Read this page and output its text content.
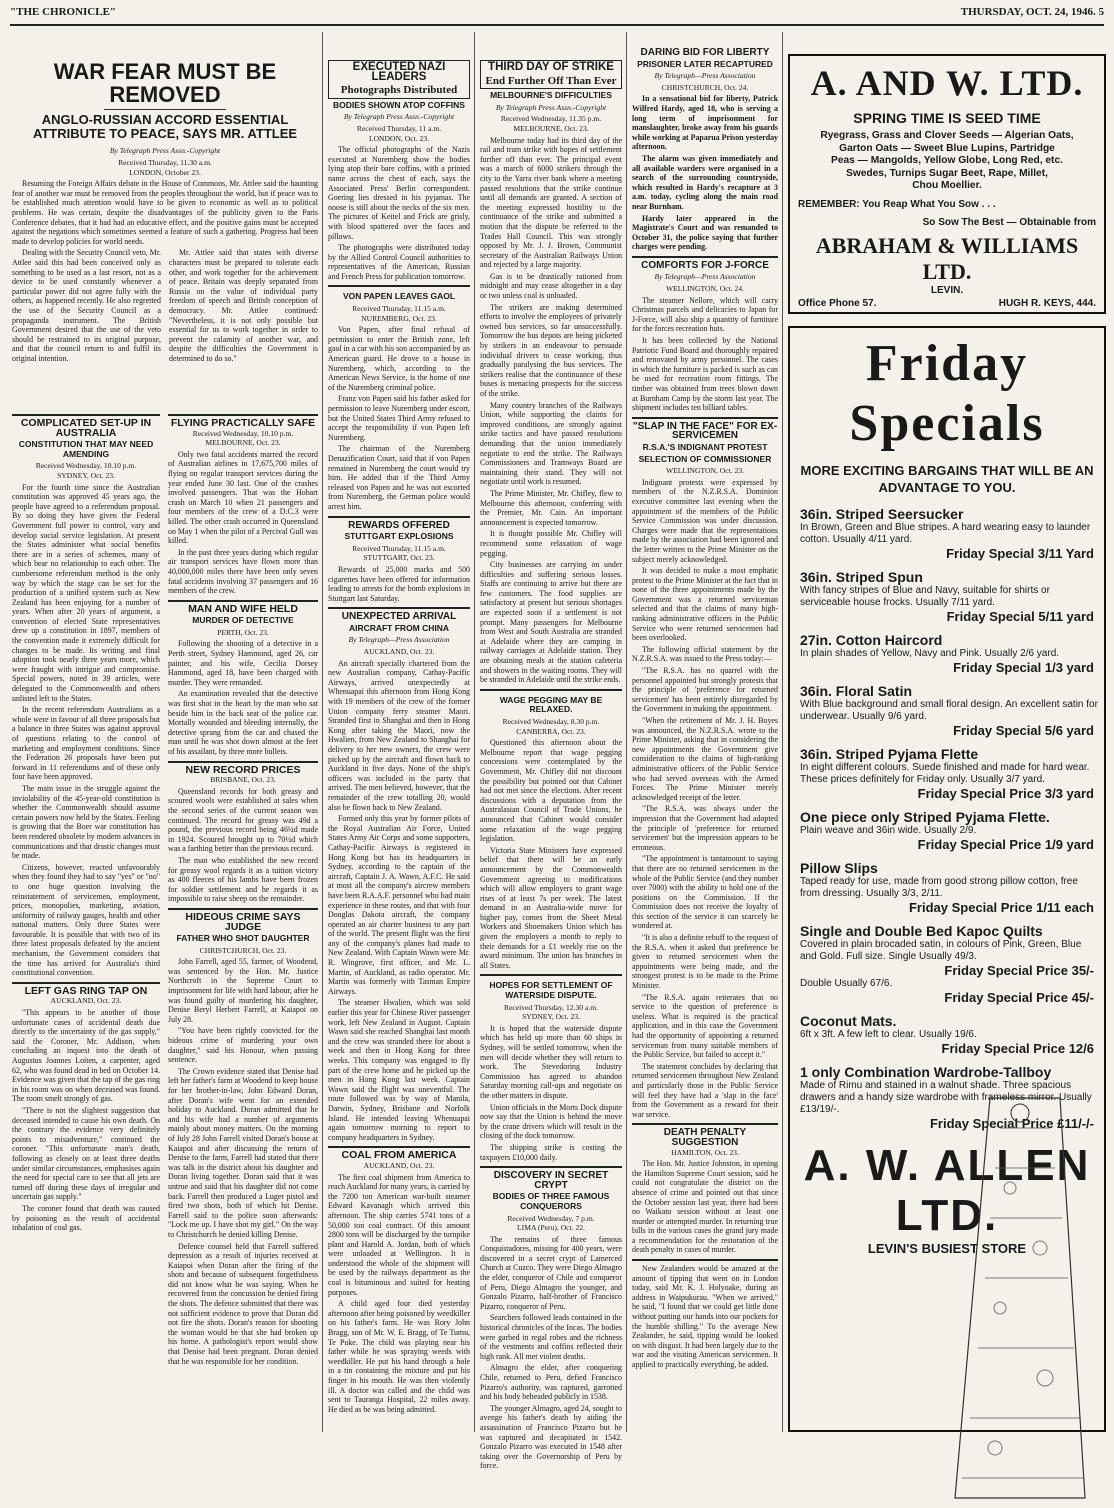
"THE CHRONICLE"	THURSDAY, OCT. 24, 1946. 5
WAR FEAR MUST BE REMOVED
ANGLO-RUSSIAN ACCORD ESSENTIAL ATTRIBUTE TO PEACE, SAYS MR. ATTLEE
By Telegraph Press Assn.-Copyright
Received Thursday, 11.30 a.m.
LONDON, October 23.

Resuming the Foreign Affairs debate in the House of Commons, Mr. Attlee said the haunting fear of another war must be removed from the peoples throughout the world, but if peace was to be established much attention would have to be given to economic as well as to political problems. He was certain, despite the disadvantages of the publicity given to the Paris Conference debates, that it had had an educative effect, and the positive gains must be accepted against the negations which sometimes seemed a feature of such a gathering. Progress had been made to develop policies for world needs.

Dealing with the Security Council veto, Mr. Attlee said this had been conceived only as something to be used as a last resort, not as a device to be used constantly whenever a particular power did not agree fully with the others, as happened recently. He also regretted the use of the Security Council as a propaganda instrument. The British Government desired that the use of the veto should be restrained to its original purpose, and that the council return to and fulfil its original intention.

Mr. Attlee said that states with diverse characters must be prepared to tolerate each other, and work together for the achievement of peace. Britain was deeply separated from Russia on the value of individual party freedom of speech and British conception of democracy. Mr. Attlee continued: "Nevertheless, it is not only possible but essential for us to work together in order to prevent the calamity of another war, and despite the difficulties the Government is determined to do so."

COMPLICATED SET-UP IN AUSTRALIA
CONSTITUTION THAT MAY NEED AMENDING
Received Wednesday, 10.10 p.m.
SYDNEY, Oct. 23.

For the fourth time since the Australian constitution was approved 45 years ago, the people have agreed to a referendum proposal. By so doing they have given the Federal Government full power to control, vary and develop social service legislation. At present the States administer what social benefits there are in a series of schemes, many of which bear no relationship to each other. The cumbersome referendum method is the only way by which the stage can be set for the production of a unified system such as New Zealand has been enjoying for a number of years. When after 20 years of argument, a convention of elected State representatives drew up a constitution in 1897, members of the convention made it extremely difficult for changes to be made. Its writing and final adoption took nearly three years more, which were fraught with intrigue and compromise. Special powers, noted in 39 articles, were delegated to the Commonwealth and others unlisted left to the States.

In the recent referendum Australians as a whole were in favour of all three proposals but a balance in three States was against approval of questions relating to the control of marketing and employment conditions. Since the Federation 26 proposals have been put forward in 11 referendums and of these only four have been approved.

The main issue in the struggle against the inviolability of the 45-year-old constitution is whether the Commonwealth should assume certain powers now held by the States. Feeling is growing that the Boer war constitution has been rendered obsolete by modern advances in communications and that drastic changes must be made.

Citizens, however, reacted unfavourably when they found they had to say "yes" or "no" to one huge question involving the reinstatement of servicemen, employment, prices, monopolies, marketing, aviation, uniformity of railway gauges, health and other national matters. Only three States were favourable. It is possible that with two of its three latest proposals defeated by the ancient mechanism, the Government considers that the time has arrived for Australia's third constitutional convention.

LEFT GAS RING TAP ON
AUCKLAND, Oct. 23.

"This appears to be another of those unfortunate cases of accidental death due directly to the uncertainty of the gas supply," said the Coroner, Mr. Addison, when concluding an inquest into the death of Augustus Joannes Loiten, a carpenter, aged 62, who was found dead in bed on October 14. Evidence was given that the tap of the gas ring in his room was on when deceased was found. The room smelt strongly of gas.

"There is not the slightest suggestion that deceased intended to cause his own death. On the contrary the evidence very definitely points to misadventure," continued the coroner. "This unfortunate man's death, following as closely on at least three deaths under similar circumstances, emphasises again the need for special care to see that all jets are turned off during these days of irregular and uncertain gas supply."

The coroner found that death was caused by poisoning as the result of accidental inhalation of coal gas.

FLYING PRACTICALLY SAFE
Received Wednesday, 10.10 p.m.
MELBOURNE, Oct. 23.

Only two fatal accidents marred the record of Australian airlines in 17,675,700 miles of flying on regular transport services during the year ended June 30 last. One of the crashes involved passengers. That was the Hobart crash on March 10 when 21 passengers and four members of the crew of a D.C.3 were killed. The other crash occurred in Queensland on May 1 when the pilot of a Percival Gull was killed.

In the past three years during which regular air transport services have flown more than 40,000,000 miles there have been only seven fatal accidents involving 37 passengers and 16 members of the crew.

MAN AND WIFE HELD
MURDER OF DETECTIVE
PERTH, Oct. 23.

Following the shooting of a detective in a Perth street, Sydney Hammond, aged 26, car painter, and his wife, Cecilia Dorsey Hammond, aged 18, have been charged with murder. They were remanded.

An examination revealed that the detective was first shot in the heart by the man who sat beside him in the back seat of the police car. Mortally wounded and bleeding internally, the detective sprang from the car and chased the man until he was shot down almost at the feet of his assailant, by three more bullets.

NEW RECORD PRICES
BRISBANE, Oct. 23.

Queensland records for both greasy and scoured wools were established at sales when the second series of the current season was continued. The record for greasy was 49d a pound, the previous record being 46¼d made in 1924. Scoured brought up to 70½d which was a farthing better than the previous record.

The man who established the new record for greasy wool regards it as a tuition victory as 400 fleeces of his lambs have been frozen for soldier settlement and he regards it as impossible to raise sheep on the remainder.

HIDEOUS CRIME SAYS JUDGE
FATHER WHO SHOT DAUGHTER
CHRISTCHURCH, Oct. 23.

John Farrell, aged 55, farmer, of Woodend, was sentenced by the Hon. Mr. Justice Northcroft in the Supreme Court to imprisonment for life with hard labour, after he was found guilty of murdering his daughter, Denise Beryl Herbert Farrell, at Kaiapoi on July 28.

"You have been rightly convicted for the hideous crime of murdering your own daughter," said his Honour, when passing sentence.

The Crown evidence stated that Denise had left her father's farm at Woodend to keep house for her brother-in-law, John Edward Doran, after Doran's wife went for an extended holiday to Auckland. Doran admitted that he and his wife had a number of arguments mainly about money matters. On the morning of July 28 John Farrell visited Doran's house at Kaiapoi and after discussing the return of Denise to the farm, Farrell had stated that there was talk in the district about his daughter and Doran living together. Doran said that it was untrue and said that his daughter did not come back. Farrell then produced a Luger pistol and fired two shots, both of which hit Denise. Farrell said to the police soon afterwards: "Lock me up. I have shot my girl." On the way to Christchurch he denied killing Denise.

Defence counsel held that Farrell suffered depression as a result of injuries received at Kaiapoi when Doran after the firing of the shots and because of subsequent forgetfulness did not know what he was saying. When he recovered from the concussion he denied firing the shots. The defence submitted that there was not sufficient evidence to prove that Doran did not fire the shots. Doran's reason for shooting the woman would be that she had broken up his home. A pathologist's report would show that Denise had been pregnant. Doran denied that he was responsible for her condition.

EXECUTED NAZI LEADERS
Photographs Distributed
BODIES SHOWN ATOP COFFINS
By Telegraph Press Assn.-Copyright
Received Thursday, 11 a.m.
LONDON, Oct. 23.

The official photographs of the Nazis executed at Nuremberg show the bodies lying atop their bare coffins, with a printed name across the chest of each, says the Associated Press' Berlin correspondent. Goering lies dressed in his pyjamas. The noose is still about the necks of the six men. The pictures of Keitel and Frick are grisly, with blood spattered over the faces and pillows.

The photographs were distributed today by the Allied Control Council authorities to representatives of the American, Russian and French Press for publication tomorrow.

VON PAPEN LEAVES GAOL
Received Thursday, 11.15 a.m.
NUREMBERG, Oct. 23.

Von Papen, after final refusal of permission to enter the British zone, left gaol in a car with his son accompanied by an American guard. He drove to a house in Nuremberg, which, according to the American News Service, is the home of one of the Nuremberg criminal police.

Franz von Papen said his father asked for permission to leave Nuremberg under escort, but the United States Third Army refused to accept the responsibility if von Papen left Nuremberg.

The chairman of the Nuremberg Denazification Court, said that if von Papen remained in Nuremberg the court would try him. He added that if the Third Army released von Papen and he was not escorted from Nuremberg, the German police would arrest him.

REWARDS OFFERED
STUTTGART EXPLOSIONS
Received Thursday, 11.15 a.m.
STUTTGART, Oct. 23.

Rewards of 25,000 marks and 500 cigarettes have been offered for information leading to arrests for the bomb explosions in Stuttgart last Saturday.

UNEXPECTED ARRIVAL
AIRCRAFT FROM CHINA
By Telegraph—Press Association
AUCKLAND, Oct. 23.

An aircraft specially chartered from the new Australian company, Cathay-Pacific Airways, arrived unexpectedly at Whenuapai this afternoon from Hong Kong with 19 members of the crew of the former Union company ferry steamer Maori. Stranded first in Shanghai and then in Hong Kong after taking the Maori, now the Hwalien, from New Zealand to Shanghai for delivery to her new owners, the crew were picked up by the aircraft and flown back to Auckland in five days. None of the ship's officers was included in the party that arrived. The men believed, however, that the remainder of the crew totalling 20, would also be flown back to New Zealand.

Formed only this year by former pilots of the Royal Australian Air Force, United States Army Air Corps and some supporters, Cathay-Pacific Airways is registered in Hong Kong but has its headquarters in Sydney, according to the captain of the aircraft, Captain J. A. Wawn, A.F.C. He said at most all the company's aircrew members have been R.A.A.F. personnel who had main experience in these routes, and that with four Douglas Dakota aircraft, the company operated an air charter business to any part of the world. The present flight was the first any of the company's planes had made to New Zealand. With Captain Wawn were Mr. R. Wingrove, first officer, and Mr. L. Martin, of Auckland, as radio operator. Mr. Martin was formerly with Tasman Empire Airways.

The steamer Hwalien, which was sold earlier this year for Chinese River passenger work, left New Zealand in August. Captain Wawn said she reached Shanghai last month and the crew was stranded there for about a week and then in Hong Kong for three weeks. This company was engaged to fly part of the crew home and he picked up the men in Hong Kong last week. Captain Wawn said the flight was uneventful. The route followed was by way of Manila, Darwin, Sydney, Brisbane and Norfolk Island. He intended leaving Whenuapai again tomorrow morning to report to company headquarters in Sydney.

COAL FROM AMERICA
AUCKLAND, Oct. 23.

The first coal shipment from America to reach Auckland for many years, is carried by the 7200 ton American war-built steamer Edward Kavanagh which arrived this afternoon. The ship carries 5741 tons of a 50,000 ton coal contract. Of this amount 2800 tons will be discharged by the turnpike plant and Harold A. Jordan, both of which were unloaded at Wellington. It is understood the whole of the shipment will be used by the railways department as the coal is bituminous and suited for heating purposes.

A child aged four died yesterday afternoon after being poisoned by weedkiller on his father's farm. He was Rory John Bragg, son of Mr. W. E. Bragg, of Te Tumu, Te Puke. The child was playing near his father while he was spraying weeds with weedkiller. He put his hand through a hole in a tin containing the mixture and put his finger in his mouth. He was then violently ill. A doctor was called and the child was sent to Tauranga Hospital, 22 miles away. He died as he was being admitted.

THIRD DAY OF STRIKE
End Further Off Than Ever
MELBOURNE'S DIFFICULTIES
By Telegraph Press Assn.-Copyright
Received Wednesday, 11.35 p.m.
MELBOURNE, Oct. 23.

Melbourne today had its third day of the rail and tram strike with hopes of settlement further off than ever. The principal event was a march of 6000 strikers through the city to the Yarra river bank where a meeting passed resolutions that the strike continue until all demands are granted. A section of the meeting expressed hostility to the continuance of the strike and submitted a motion that the dispute be referred to the Trades Hall Council. This was strongly opposed by Mr. J. J. Brown, Communist secretary of the Australian Railways Union and rejected by a large majority.

Gas is to be drastically rationed from midnight and may cease altogether in a day or two unless coal is unloaded.

The strikers are making determined efforts to involve the employees of privately owned bus services, so far unsuccessfully. Tomorrow the bus depots are being picketed by strikers in an endeavour to persuade individual drivers to cease working, thus gradually paralysing the bus services. The strikers realise that the continuance of these buses is menacing prospects for the success of the strike.

Many country branches of the Railways Union, while supporting the claims for improved conditions, are strongly against strike tactics and have passed resolutions demanding that the union immediately negotiate to end the strike. The Railways Commissioners and Tramways Board are maintaining their stand. They will not negotiate until work is resumed.

The Prime Minister, Mr. Chifley, flew to Melbourne this afternoon, conferring with the Premier, Mr. Cain. An important announcement is expected tomorrow.

It is thought possible Mr. Chifley will recommend some relaxation of wage pegging.

City businesses are carrying on under difficulties and suffering serious losses. Staffs are continuing to arrive but there are few customers. The food supplies are satisfactory at present but serious shortages are expected soon if a settlement is not prompt. Many passengers for Melbourne from West and South Australia are stranded at Adelaide where they are camping in railway carriages at Adelaide station. They are obtaining meals at the station cafeteria and showers in the waiting rooms. They will be stranded in Adelaide until the strike ends.

WAGE PEGGING MAY BE RELAXED.
Received Wednesday, 8.30 p.m.
CANBERRA, Oct. 23.

Questioned this afternoon about the Melbourne report that wage pegging concessions were contemplated by the Government, Mr. Chifley did not discount the possibility but pointed out that Cabinet had not met since the elections. After recent discussions with a deputation from the Australasian Council of Trade Unions, he announced that Cabinet would consider some relaxation of the wage pegging legislation.

Victoria State Ministers have expressed belief that there will be an early announcement by the Commonwealth Government agreeing to modifications which will allow employers to grant wage rises of at least 7s per week. The latest demand in an Australia-wide move for higher pay, comes from the Sheet Metal Workers and Shoemakers Union which has given the employers a month to reply to their demands for a £1 weekly rise on the award minimum. The union has branches in all States.

HOPES FOR SETTLEMENT OF WATERSIDE DISPUTE.
Received Thursday, 12.30 a.m.
SYDNEY, Oct. 23.

It is hoped that the waterside dispute which has held up more than 60 ships in Sydney, will be settled tomorrow, when the men will decide whether they will return to work. The Stevedoring Industry Commission has agreed to abandon Saturday morning call-ups and negotiate on the other matters in dispute.

Union officials in the Morts Dock dispute now say that the Union is behind the move by the crane drivers which will result in the closing of the dock tomorrow.

The shipping strike is costing the taxpayers £10,000 daily.

DISCOVERY IN SECRET CRYPT
BODIES OF THREE FAMOUS CONQUERORS
Received Wednesday, 7 p.m.
LIMA (Peru), Oct. 22.

The remains of three famous Conquistadores, missing for 400 years, were discovered in a secret crypt of Lamerced Church at Cuzco. They were Diego Almagro the elder, conqueror of Chile and conqueror of Peru, Diego Almagro the younger, and Gonzalo Pizarro, half-brother of Francisco Pizarro, conqueror of Peru.

Searchers followed leads contained in the historical chronicles of the Incas. The bodies were garbed in regal robes and the richness of the vestments and coffins reflected their high rank. All met violent deaths.

Almagro the elder, after conquering Chile, returned to Peru, defied Francisco Pizarro's authority, was captured, garrotted and his body beheaded publicly in 1538.

The younger Almagro, aged 24, sought to avenge his father's death by aiding the assassination of Francisco Pizarro but he was captured and decapitated in 1542. Gonzalo Pizarro was executed in 1548 after taking over the Governorship of Peru by force.

DARING BID FOR LIBERTY
PRISONER LATER RECAPTURED
By Telegraph—Press Association
CHRISTCHURCH, Oct. 24.

In a sensational bid for liberty, Patrick Wilfred Hardy, aged 18, who is serving a long term of imprisonment for manslaughter, broke away from his guards while working at Paparua Prison yesterday afternoon.

The alarm was given immediately and all available warders were organised in a search of the surrounding countryside, which resulted in Hardy's recapture at 3 a.m. today, cycling along the main road near Burnham.

Hardy later appeared in the Magistrate's Court and was remanded to October 31, the police saying that further charges were pending.

COMFORTS FOR J-FORCE
By Telegraph—Press Association
WELLINGTON, Oct. 24.

The steamer Nellore, which will carry Christmas parcels and delicacies to Japan for J-Force, will also ship a quantity of furniture for the forces recreation huts.

It has been collected by the National Patriotic Fund Board and thoroughly repaired and renovated by army personnel. The cases in which the furniture is packed is such as can be used for recreation room fittings. The timber was obtained from trees blown down at Burnham Camp by the storm last year. The shipment includes ten billiard tables.

"SLAP IN THE FACE" FOR EX-SERVICEMEN
R.S.A.'S INDIGNANT PROTEST
SELECTION OF COMMISSIONER
WELLINGTON, Oct. 23.

Indignant protests were expressed by members of the N.Z.R.S.A. Dominion executive committee last evening when the appointment of the members of the Public Service Commission was under discussion. Charges were made that the representations made by the association had been ignored and the letter written to the Prime Minister on the subject merely acknowledged.

It was decided to make a most emphatic protest to the Prime Minister at the fact that in none of the three appointments made by the Government was a returned serviceman selected and that the claims of many high-ranking administrative officers in the Public Service who were returned servicemen had been overlooked.

The following official statement by the N.Z.R.S.A. was issued to the Press today:—

"The R.S.A. has no quarrel with the personnel appointed but strongly protests that the principle of 'preference for returned servicemen' has been entirely disregarded by the Government in making the appointment.

"When the retirement of Mr. J. H. Boyes was announced, the N.Z.R.S.A. wrote to the Prime Minister, asking that in considering the new appointments the Government give consideration to the claims of high-ranking administrative officers of the Public Service who had served overseas with the Armed Forces. The Prime Minister merely acknowledged receipt of the letter.

"The R.S.A. was always under the impression that the Government had adopted the principle of 'preference for returned servicemen' but the impression appears to be erroneous.

"The appointment is tantamount to saying that there are no returned servicemen in the whole of the Public Service (and they number over 7000) with the ability to hold one of the positions on the Commission. If the Commission does not receive the loyalty of this section of the service it can scarcely be wondered at.

"It is also a definite rebuff to the request of the R.S.A. when it asked that preference be given to returned servicemen when the appointments were being made, and the strongest protest is to be made to the Prime Minister.

"The R.S.A. again reiterates that no service to the question of preference is useless. What is required is the practical application, and in this case the Government had the opportunity of appointing a returned serviceman from many suitable members of the Public Service, but failed to accept it."

The statement concludes by declaring that returned servicemen throughout New Zealand and particularly those in the Public Service will feel they have had a 'slap in the face' from the Government as a reward for their war service.

DEATH PENALTY SUGGESTION
HAMILTON, Oct. 23.

The Hon. Mr. Justice Johnston, in opening the Hamilton Supreme Court session, said he could not congratulate the district on the absence of crime and pointed out that since the October session last year, there had been no Waikato session without at least one murder or attempted murder. In returning true bills in the various cases the grand jury made a recommendation for the restoration of the death penalty in cases of murder.

New Zealanders would be amazed at the amount of tipping that went on in London today, said Mr. K. J. Holyoake, during an address in Waipukurau. "When we arrived," he said, "I found that we could get little done without putting our hands into our pockets for the humble shilling." To the average New Zealander, he said, tipping would be looked on with disgust. It had been largely due to the war and the visiting American servicemen. It applied to practically everything, he added.

A. AND W. LTD.
SPRING TIME IS SEED TIME
Ryegrass, Grass and Clover Seeds — Algerian Oats,
Garton Oats — Sweet Blue Lupins, Partridge
Peas — Mangolds, Yellow Globe, Long Red, etc.
Swedes, Turnips Sugar Beet, Rape, Millet,
Chou Moellier.
REMEMBER: You Reap What You Sow . . .
So Sow The Best — Obtainable from
ABRAHAM & WILLIAMS LTD.
LEVIN.
Office Phone 57.	HUGH R. KEYS, 444.
Friday
Specials
MORE EXCITING BARGAINS THAT WILL BE AN ADVANTAGE TO YOU.
36in. Striped Seersucker
In Brown, Green and Blue stripes. A hard wearing easy to launder cotton. Usually 4/11 yard.
Friday Special 3/11 Yard
36in. Striped Spun
With fancy stripes of Blue and Navy, suitable for shirts or serviceable house frocks. Usually 7/11 yard.
Friday Special 5/11 yard
27in. Cotton Haircord
In plain shades of Yellow, Navy and Pink. Usually 2/6 yard.
Friday Special 1/3 yard
36in. Floral Satin
With Blue background and small floral design. An excellent satin for underwear. Usually 9/6 yard.
Friday Special 5/6 yard
36in. Striped Pyjama Flette
In eight different colours. Suede finished and made for hard wear. These prices definitely for Friday only. Usually 3/7 yard.
Friday Special Price 3/3 yard
One piece only Striped Pyjama Flette.
Plain weave and 36in wide. Usually 2/9.
Friday Special Price 1/9 yard
Pillow Slips
Taped ready for use, made from good strong pillow cotton, free from dressing. Usually 3/3, 2/11.
Friday Special Price 1/11 each
Single and Double Bed Kapoc Quilts
Covered in plain brocaded satin, in colours of Pink, Green, Blue and Gold. Full size. Single Usually 49/3.
Friday Special Price 35/-
Double Usually 67/6.
Friday Special Price 45/-
Coconut Mats.
6ft x 3ft. A few left to clear. Usually 19/6.
Friday Special Price 12/6
1 only Combination Wardrobe-Tallboy
Made of Rimu and stained in a walnut shade. Three spacious drawers and a handy size wardrobe with frameless mirror. Usually £13/19/-.
Friday Special Price £11/-/-
A. W. ALLEN LTD.
LEVIN'S BUSIEST STORE
